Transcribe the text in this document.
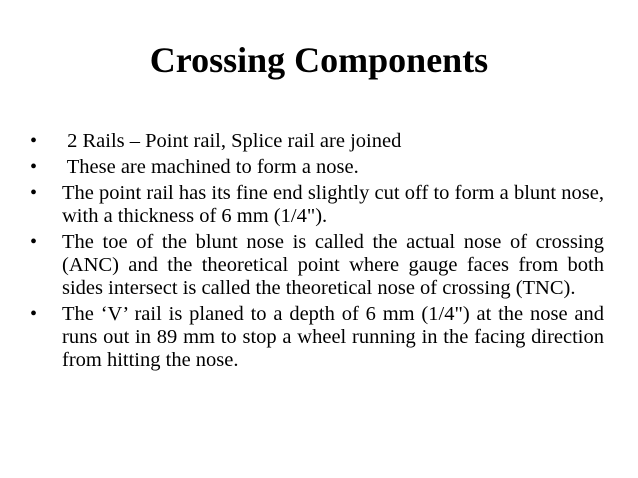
Crossing Components
•	2 Rails – Point rail, Splice rail are joined
•	These are machined to form a nose.
•	The point rail has its fine end slightly cut off to form a blunt nose, with a thickness of 6 mm (1/4").
•	The toe of the blunt nose is called the actual nose of crossing (ANC) and the theoretical point where gauge faces from both sides intersect is called the theoretical nose of crossing (TNC).
•	The ‘V’ rail is planed to a depth of 6 mm (1/4") at the nose and runs out in 89 mm to stop a wheel running in the facing direction from hitting the nose.
